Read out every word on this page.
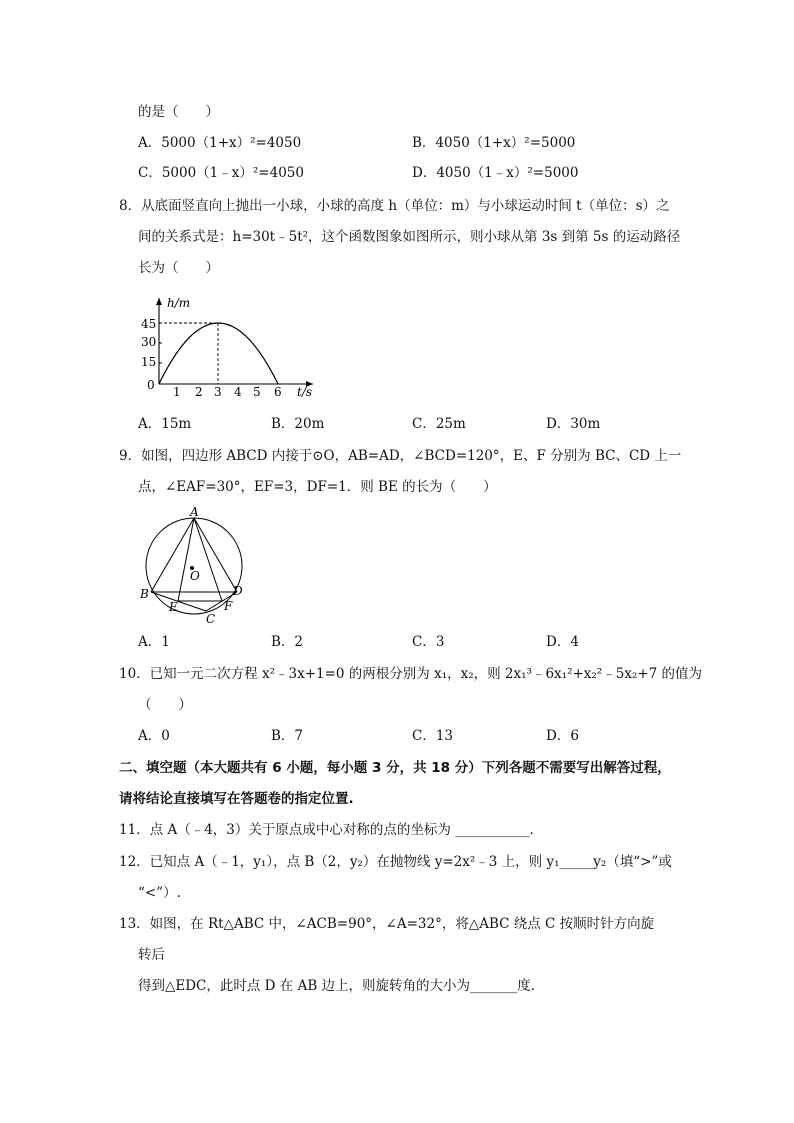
的是（　　）
A．5000（1+x）²=4050	B．4050（1+x）²=5000
C．5000（1﹣x）²=4050	D．4050（1﹣x）²=5000
8．从底面竖直向上抛出一小球，小球的高度 h（单位：m）与小球运动时间 t（单位：s）之
间的关系式是：h=30t﹣5t²，这个函数图象如图所示，则小球从第 3s 到第 5s 的运动路径
长为（　　）
h/m
t/s
0
45
30
15
1 2 3 4 5 6
A．15m	B．20m	C．25m	D．30m
9．如图，四边形 ABCD 内接于⊙O，AB=AD，∠BCD=120°，E、F 分别为 BC、CD 上一
点，∠EAF=30°，EF=3，DF=1．则 BE 的长为（　　）
A
O
B	D
E	F
C
A．1	B．2	C．3	D．4
10．已知一元二次方程 x²﹣3x+1=0 的两根分别为 x₁，x₂，则 2x₁³﹣6x₁²+x₂²﹣5x₂+7 的值为
（　　）
A．0	B．7	C．13	D．6
二、填空题（本大题共有 6 小题，每小题 3 分，共 18 分）下列各题不需要写出解答过程，
请将结论直接填写在答题卷的指定位置.
11．点 A（﹣4，3）关于原点成中心对称的点的坐标为 ___________.
12．已知点 A（﹣1，y₁），点 B（2，y₂）在抛物线 y=2x²﹣3 上，则 y₁_____y₂（填“>”或
“<”）.
13．如图，在 Rt△ABC 中，∠ACB=90°，∠A=32°，将△ABC 绕点 C 按顺时针方向旋
转后
得到△EDC，此时点 D 在 AB 边上，则旋转角的大小为_______度.
